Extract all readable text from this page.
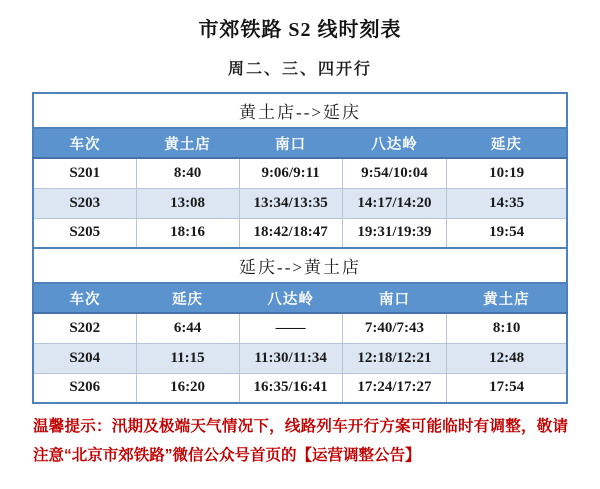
市郊铁路 S2 线时刻表
周二、三、四开行
黄土店-->延庆				
车次	黄土店	南口	八达岭	延庆
S201	8:40	9:06/9:11	9:54/10:04	10:19
S203	13:08	13:34/13:35	14:17/14:20	14:35
S205	18:16	18:42/18:47	19:31/19:39	19:54
延庆-->黄土店				
车次	延庆	八达岭	南口	黄土店
S202	6:44	——	7:40/7:43	8:10
S204	11:15	11:30/11:34	12:18/12:21	12:48
S206	16:20	16:35/16:41	17:24/17:27	17:54
温馨提示：汛期及极端天气情况下，线路列车开行方案可能临时有调整，敬请注意“北京市郊铁路”微信公众号首页的【运营调整公告】
